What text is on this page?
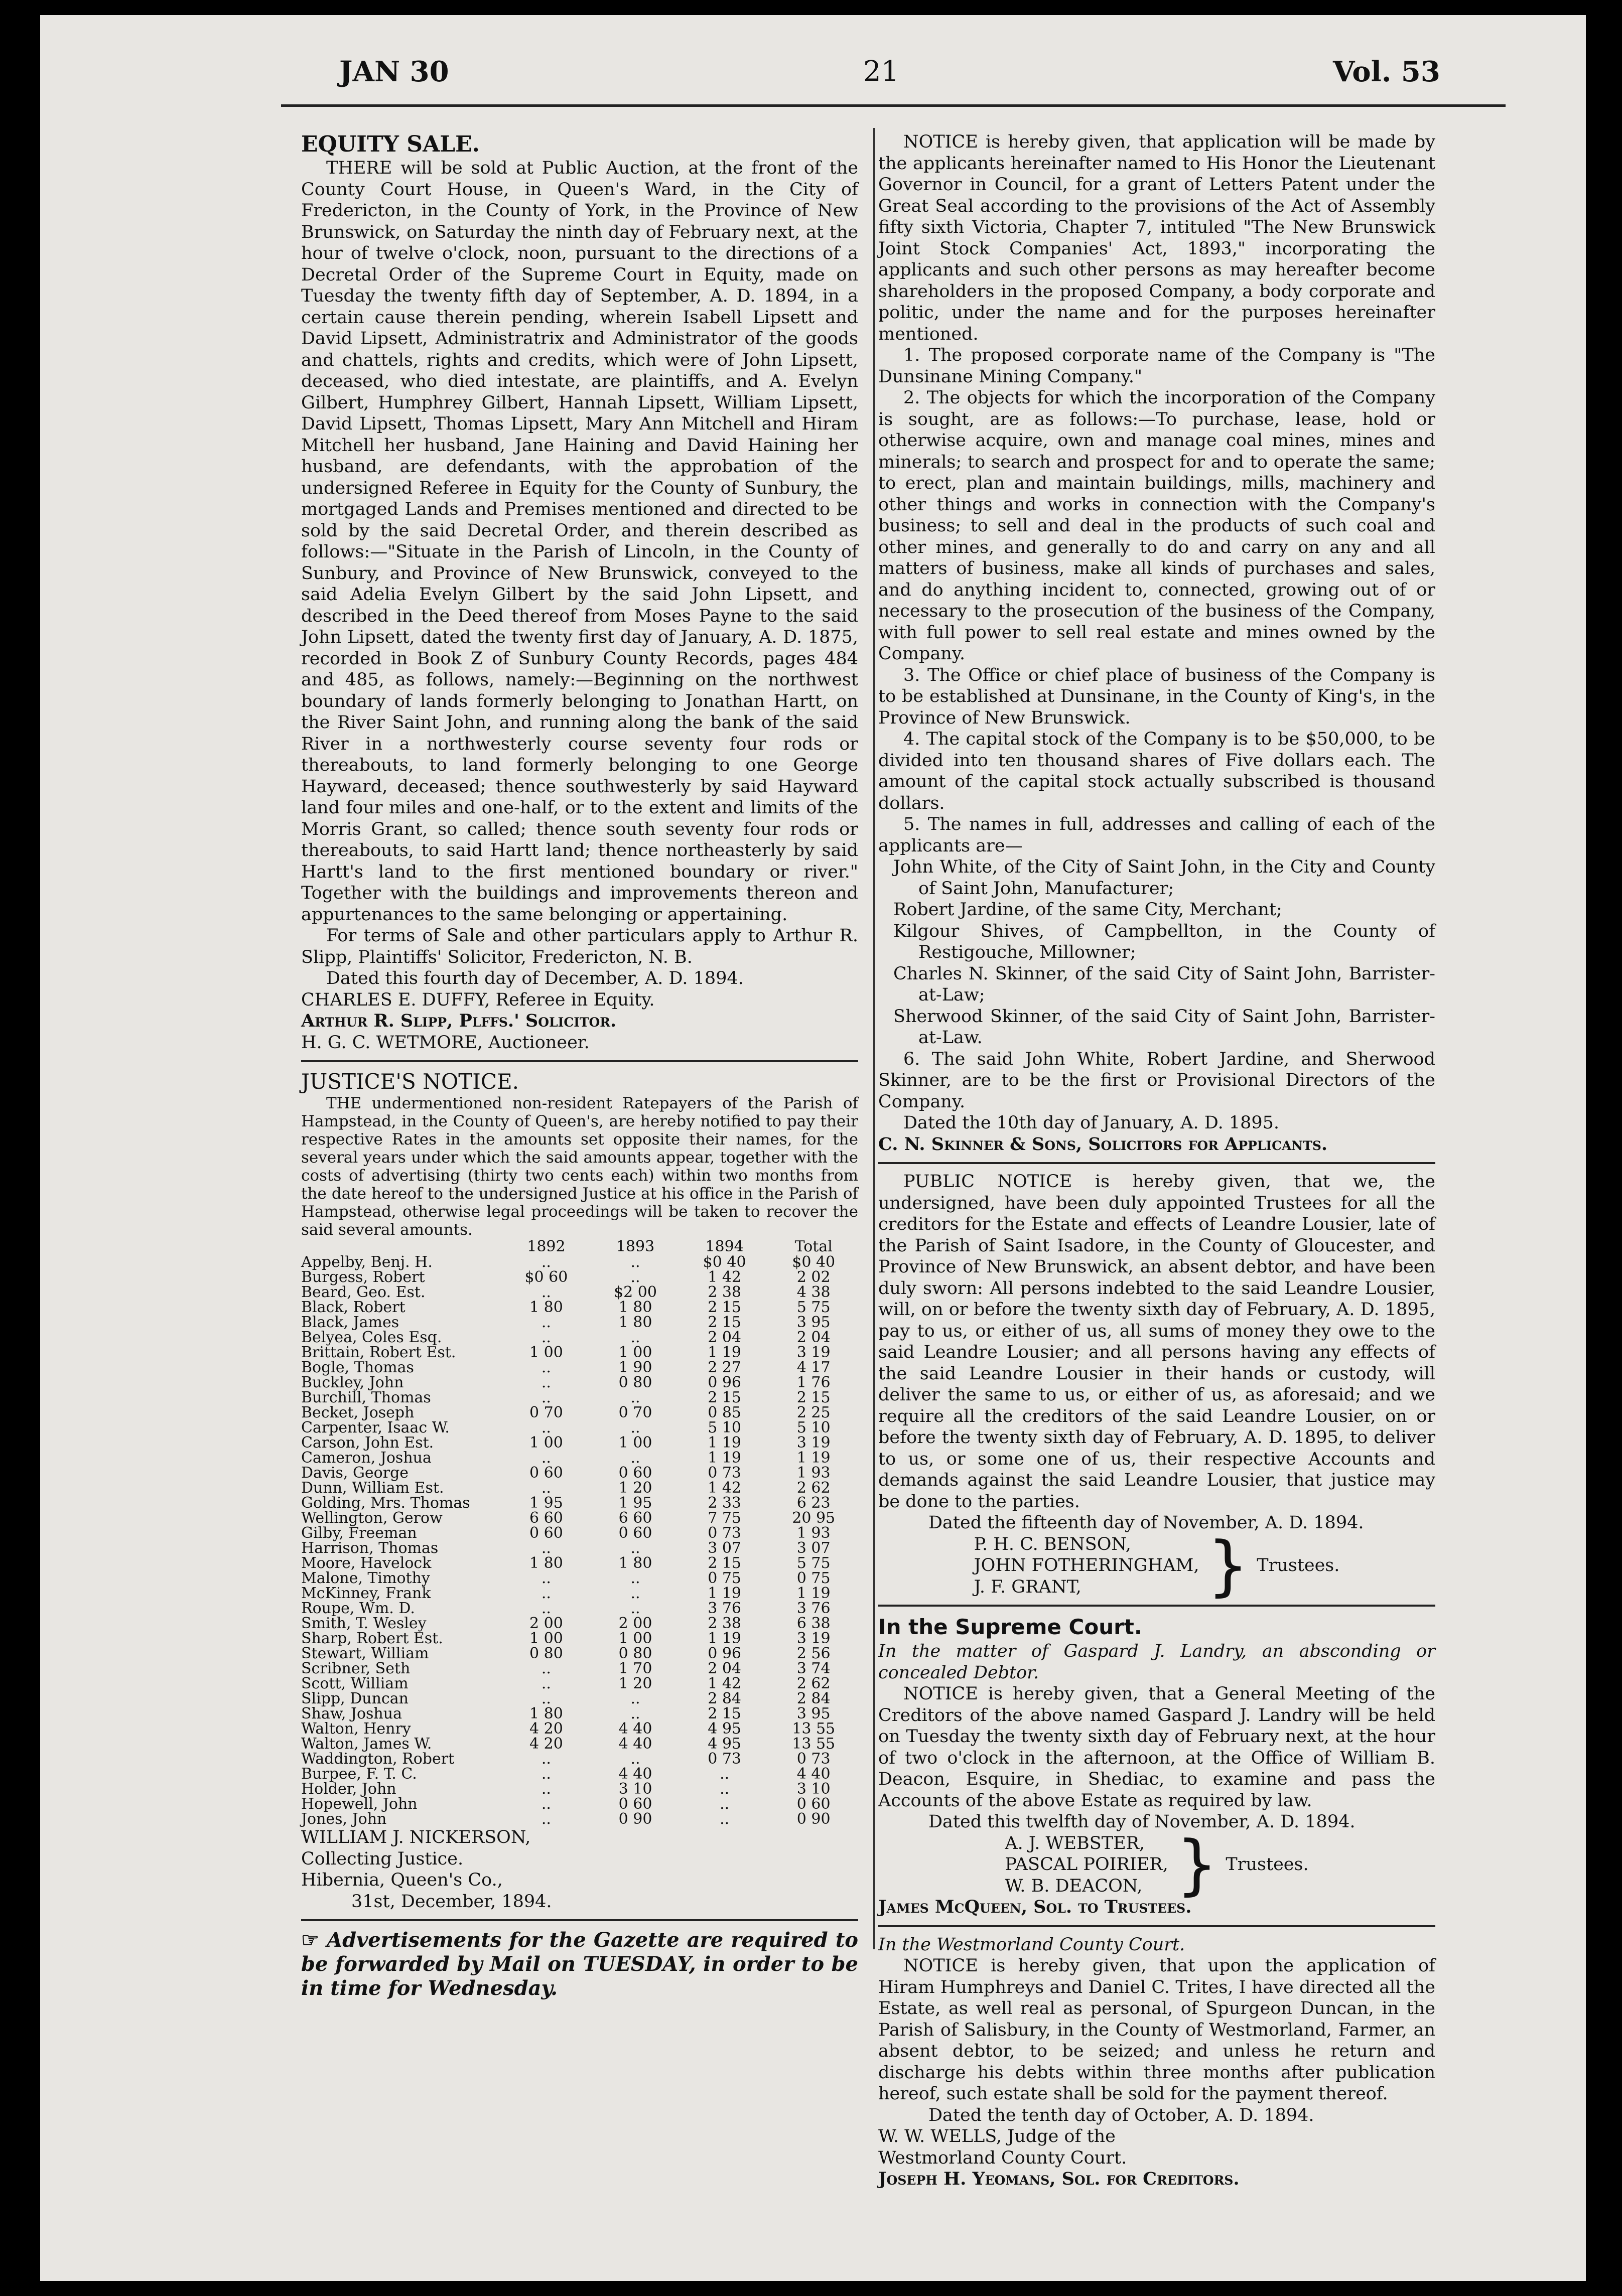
JAN 30	21	Vol. 53

EQUITY SALE.

THERE will be sold at Public Auction, at the front of the County Court House, in Queen's Ward, in the City of Fredericton, in the County of York, in the Province of New Brunswick, on Saturday the ninth day of February next, at the hour of twelve o'clock, noon, pursuant to the directions of a Decretal Order of the Supreme Court in Equity, made on Tuesday the twenty fifth day of September, A. D. 1894, in a certain cause therein pending, wherein Isabell Lipsett and David Lipsett, Administratrix and Administrator of the goods and chattels, rights and credits, which were of John Lipsett, deceased, who died intestate, are plaintiffs, and A. Evelyn Gilbert, Humphrey Gilbert, Hannah Lipsett, William Lipsett, David Lipsett, Thomas Lipsett, Mary Ann Mitchell and Hiram Mitchell her husband, Jane Haining and David Haining her husband, are defendants, with the approbation of the undersigned Referee in Equity for the County of Sunbury, the mortgaged Lands and Premises mentioned and directed to be sold by the said Decretal Order, and therein described as follows:—"Situate in the Parish of Lincoln, in the County of Sunbury, and Province of New Brunswick, conveyed to the said Adelia Evelyn Gilbert by the said John Lipsett, and described in the Deed thereof from Moses Payne to the said John Lipsett, dated the twenty first day of January, A. D. 1875, recorded in Book Z of Sunbury County Records, pages 484 and 485, as follows, namely:—Beginning on the northwest boundary of lands formerly belonging to Jonathan Hartt, on the River Saint John, and running along the bank of the said River in a northwesterly course seventy four rods or thereabouts, to land formerly belonging to one George Hayward, deceased; thence southwesterly by said Hayward land four miles and one-half, or to the extent and limits of the Morris Grant, so called; thence south seventy four rods or thereabouts, to said Hartt land; thence northeasterly by said Hartt's land to the first mentioned boundary or river." Together with the buildings and improvements thereon and appurtenances to the same belonging or appertaining.

For terms of Sale and other particulars apply to Arthur R. Slipp, Plaintiffs' Solicitor, Fredericton, N. B.

Dated this fourth day of December, A. D. 1894.

CHARLES E. DUFFY, Referee in Equity.

Arthur R. Slipp, Plffs.' Solicitor.

H. G. C. WETMORE, Auctioneer.

JUSTICE'S NOTICE.

THE undermentioned non-resident Ratepayers of the Parish of Hampstead, in the County of Queen's, are hereby notified to pay their respective Rates in the amounts set opposite their names, for the several years under which the said amounts appear, together with the costs of advertising (thirty two cents each) within two months from the date hereof to the undersigned Justice at his office in the Parish of Hampstead, otherwise legal proceedings will be taken to recover the said several amounts.

	1892	1893	1894	Total
Appelby, Benj. H.	..	..	$0 40	$0 40
Burgess, Robert	$0 60	..	1 42	2 02
Beard, Geo. Est.	..	$2 00	2 38	4 38
Black, Robert	1 80	1 80	2 15	5 75
Black, James	..	1 80	2 15	3 95
Belyea, Coles Esq.	..	..	2 04	2 04
Brittain, Robert Est.	1 00	1 00	1 19	3 19
Bogle, Thomas	..	1 90	2 27	4 17
Buckley, John	..	0 80	0 96	1 76
Burchill, Thomas	..	..	2 15	2 15
Becket, Joseph	0 70	0 70	0 85	2 25
Carpenter, Isaac W.	..	..	5 10	5 10
Carson, John Est.	1 00	1 00	1 19	3 19
Cameron, Joshua	..	..	1 19	1 19
Davis, George	0 60	0 60	0 73	1 93
Dunn, William Est.	..	1 20	1 42	2 62
Golding, Mrs. Thomas	1 95	1 95	2 33	6 23
Wellington, Gerow	6 60	6 60	7 75	20 95
Gilby, Freeman	0 60	0 60	0 73	1 93
Harrison, Thomas	..	..	3 07	3 07
Moore, Havelock	1 80	1 80	2 15	5 75
Malone, Timothy	..	..	0 75	0 75
McKinney, Frank	..	..	1 19	1 19
Roupe, Wm. D.	..	..	3 76	3 76
Smith, T. Wesley	2 00	2 00	2 38	6 38
Sharp, Robert Est.	1 00	1 00	1 19	3 19
Stewart, William	0 80	0 80	0 96	2 56
Scribner, Seth	..	1 70	2 04	3 74
Scott, William	..	1 20	1 42	2 62
Slipp, Duncan	..	..	2 84	2 84
Shaw, Joshua	1 80	..	2 15	3 95
Walton, Henry	4 20	4 40	4 95	13 55
Walton, James W.	4 20	4 40	4 95	13 55
Waddington, Robert	..	..	0 73	0 73
Burpee, F. T. C.	..	4 40	..	4 40
Holder, John	..	3 10	..	3 10
Hopewell, John	..	0 60	..	0 60
Jones, John	..	0 90	..	0 90

WILLIAM J. NICKERSON,

Collecting Justice.

Hibernia, Queen's Co.,

31st, December, 1894.

☞ Advertisements for the Gazette are required to be forwarded by Mail on TUESDAY, in order to be in time for Wednesday.

NOTICE is hereby given, that application will be made by the applicants hereinafter named to His Honor the Lieutenant Governor in Council, for a grant of Letters Patent under the Great Seal according to the provisions of the Act of Assembly fifty sixth Victoria, Chapter 7, intituled "The New Brunswick Joint Stock Companies' Act, 1893," incorporating the applicants and such other persons as may hereafter become shareholders in the proposed Company, a body corporate and politic, under the name and for the purposes hereinafter mentioned.

1. The proposed corporate name of the Company is "The Dunsinane Mining Company."

2. The objects for which the incorporation of the Company is sought, are as follows:—To purchase, lease, hold or otherwise acquire, own and manage coal mines, mines and minerals; to search and prospect for and to operate the same; to erect, plan and maintain buildings, mills, machinery and other things and works in connection with the Company's business; to sell and deal in the products of such coal and other mines, and generally to do and carry on any and all matters of business, make all kinds of purchases and sales, and do anything incident to, connected, growing out of or necessary to the prosecution of the business of the Company, with full power to sell real estate and mines owned by the Company.

3. The Office or chief place of business of the Company is to be established at Dunsinane, in the County of King's, in the Province of New Brunswick.

4. The capital stock of the Company is to be $50,000, to be divided into ten thousand shares of Five dollars each. The amount of the capital stock actually subscribed is thousand dollars.

5. The names in full, addresses and calling of each of the applicants are—

John White, of the City of Saint John, in the City and County of Saint John, Manufacturer;

Robert Jardine, of the same City, Merchant;

Kilgour Shives, of Campbellton, in the County of Restigouche, Millowner;

Charles N. Skinner, of the said City of Saint John, Barrister-at-Law;

Sherwood Skinner, of the said City of Saint John, Barrister-at-Law.

6. The said John White, Robert Jardine, and Sherwood Skinner, are to be the first or Provisional Directors of the Company.

Dated the 10th day of January, A. D. 1895.

C. N. Skinner & Sons, Solicitors for Applicants.

PUBLIC NOTICE is hereby given, that we, the undersigned, have been duly appointed Trustees for all the creditors for the Estate and effects of Leandre Lousier, late of the Parish of Saint Isadore, in the County of Gloucester, and Province of New Brunswick, an absent debtor, and have been duly sworn: All persons indebted to the said Leandre Lousier, will, on or before the twenty sixth day of February, A. D. 1895, pay to us, or either of us, all sums of money they owe to the said Leandre Lousier; and all persons having any effects of the said Leandre Lousier in their hands or custody, will deliver the same to us, or either of us, as aforesaid; and we require all the creditors of the said Leandre Lousier, on or before the twenty sixth day of February, A. D. 1895, to deliver to us, or some one of us, their respective Accounts and demands against the said Leandre Lousier, that justice may be done to the parties.

Dated the fifteenth day of November, A. D. 1894.

P. H. C. BENSON,

JOHN FOTHERINGHAM,

J. F. GRANT,	} Trustees.

In the Supreme Court.

In the matter of Gaspard J. Landry, an absconding or concealed Debtor.

NOTICE is hereby given, that a General Meeting of the Creditors of the above named Gaspard J. Landry will be held on Tuesday the twenty sixth day of February next, at the hour of two o'clock in the afternoon, at the Office of William B. Deacon, Esquire, in Shediac, to examine and pass the Accounts of the above Estate as required by law.

Dated this twelfth day of November, A. D. 1894.

A. J. WEBSTER,

PASCAL POIRIER,

W. B. DEACON, } Trustees.

James McQueen, Sol. to Trustees.

In the Westmorland County Court.

NOTICE is hereby given, that upon the application of Hiram Humphreys and Daniel C. Trites, I have directed all the Estate, as well real as personal, of Spurgeon Duncan, in the Parish of Salisbury, in the County of Westmorland, Farmer, an absent debtor, to be seized; and unless he return and discharge his debts within three months after publication hereof, such estate shall be sold for the payment thereof.

Dated the tenth day of October, A. D. 1894.

W. W. WELLS, Judge of the

Westmorland County Court.

Joseph H. Yeomans, Sol. for Creditors.
